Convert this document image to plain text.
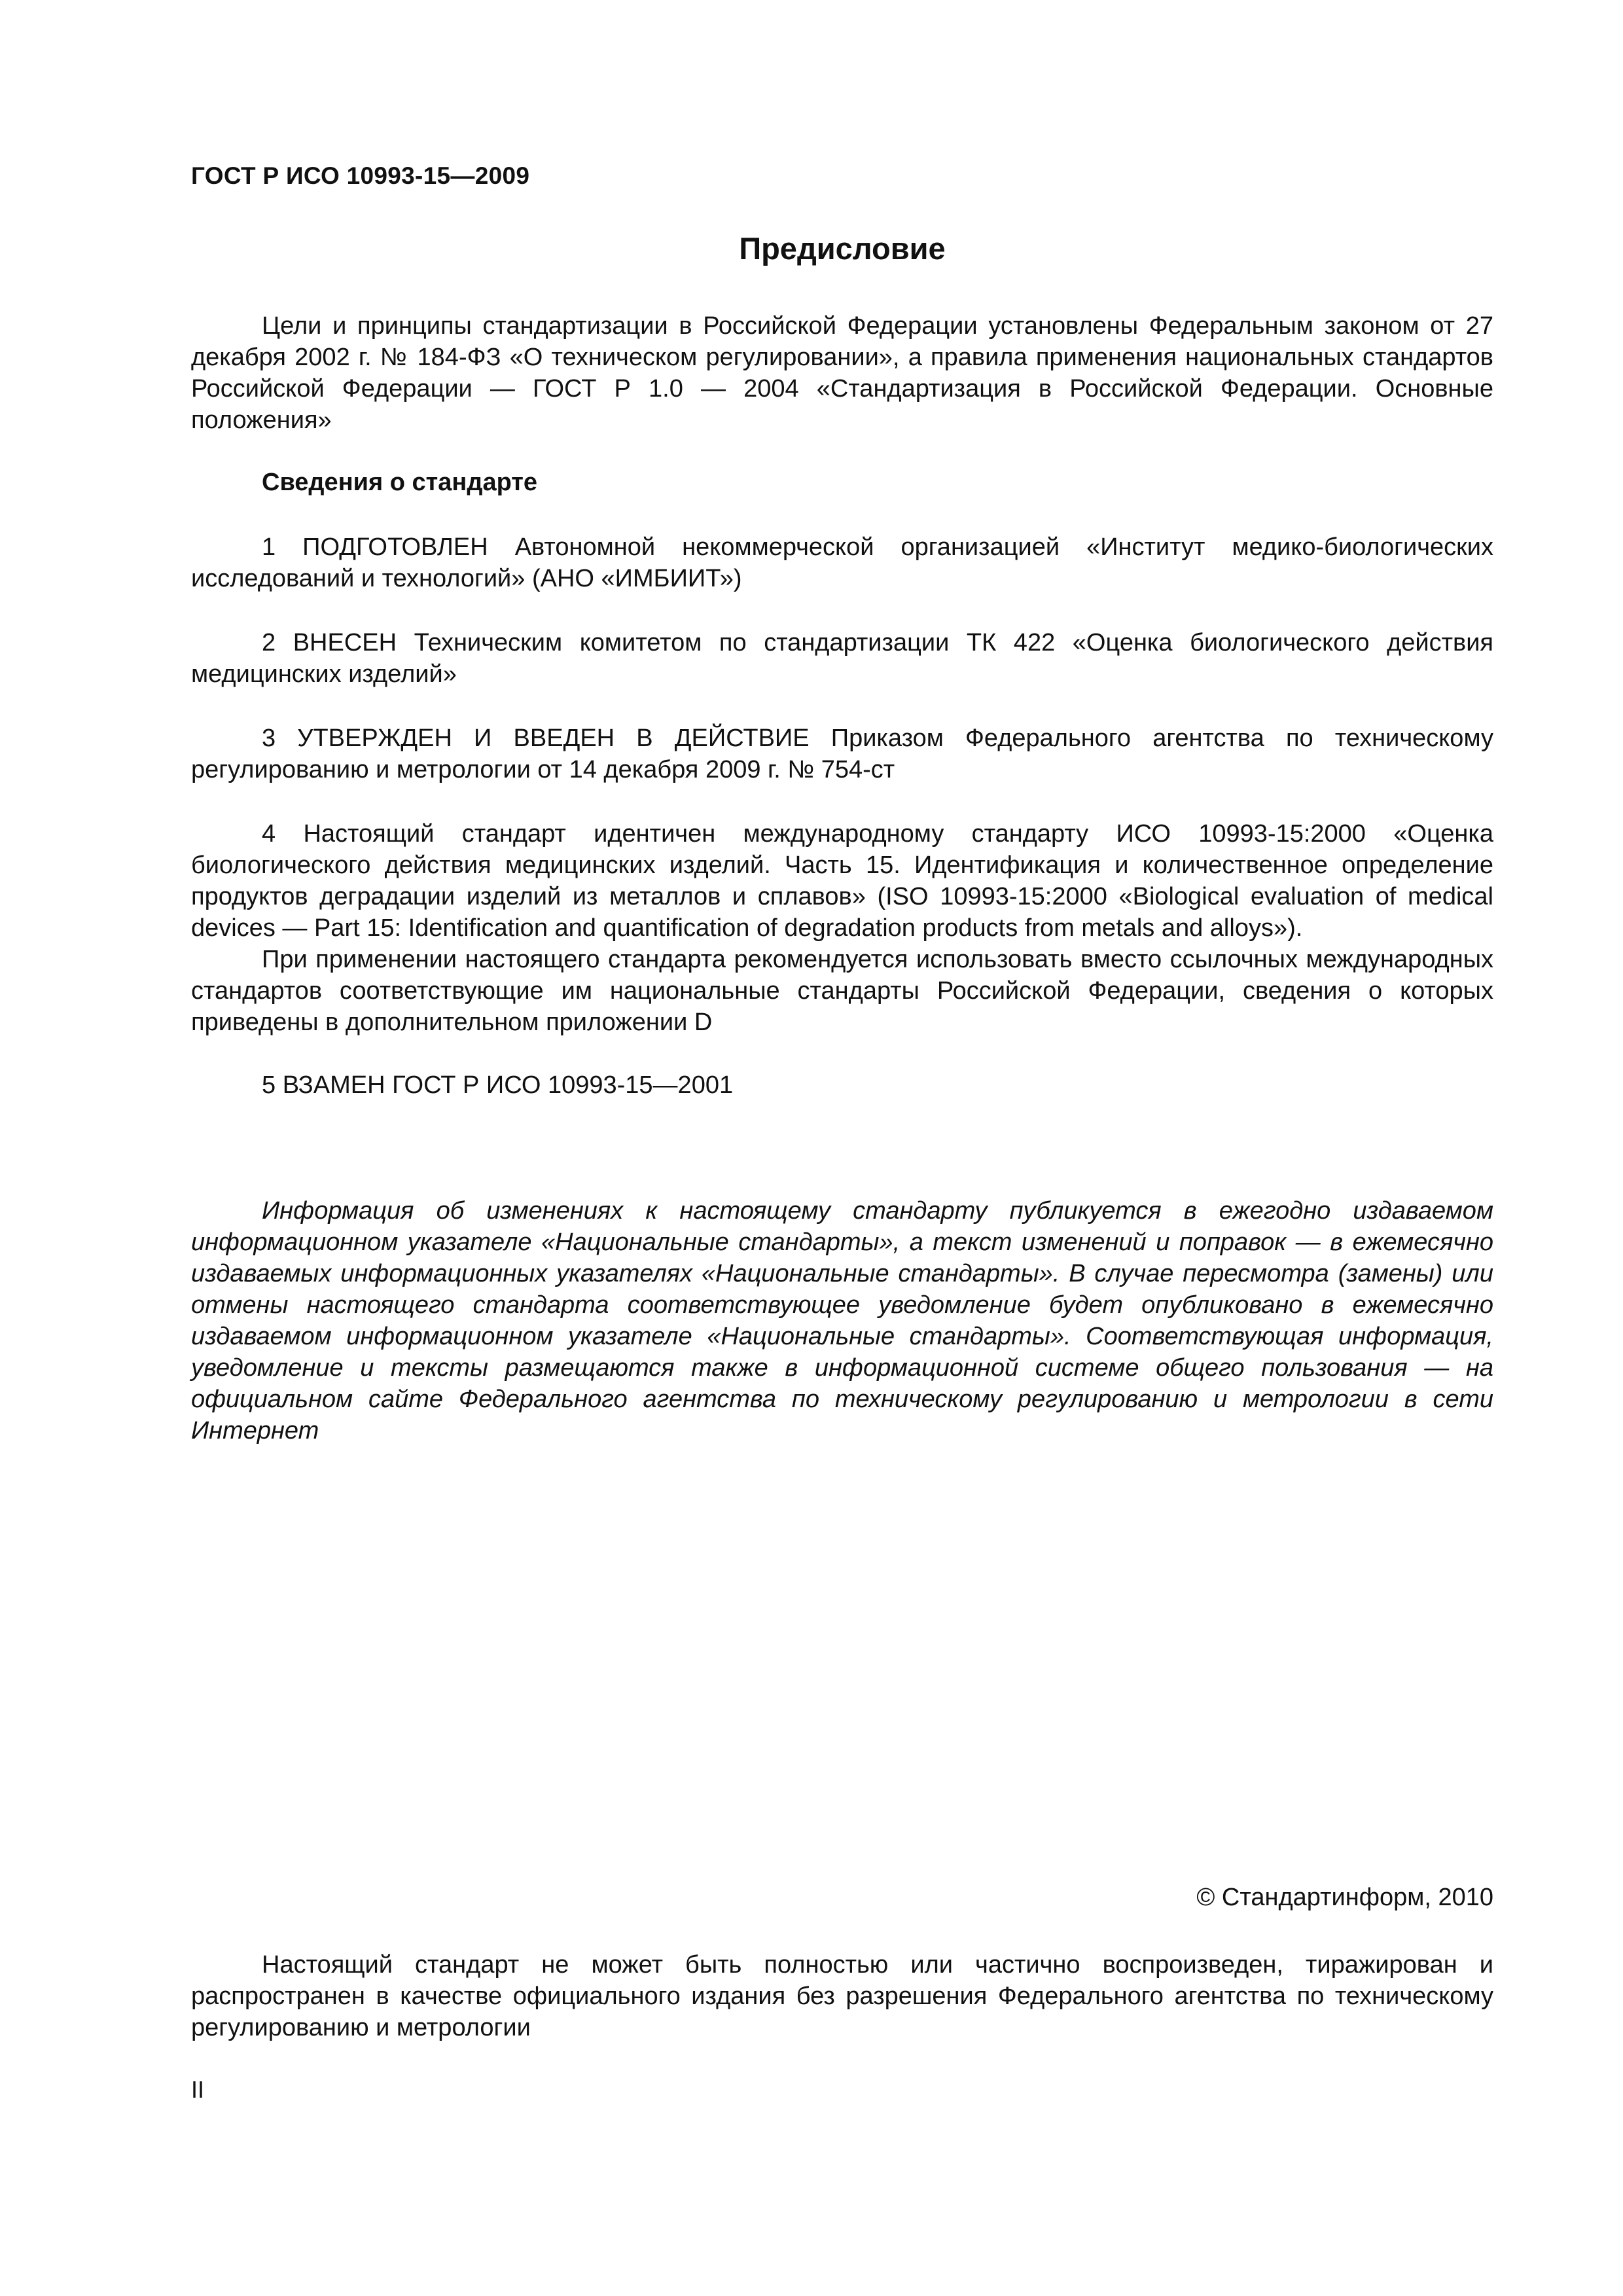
ГОСТ Р ИСО 10993-15—2009
Предисловие

Цели и принципы стандартизации в Российской Федерации установлены Федеральным законом от 27 декабря 2002 г. № 184-ФЗ «О техническом регулировании», а правила применения национальных стандартов Российской Федерации — ГОСТ Р 1.0 — 2004 «Стандартизация в Российской Федерации. Основные положения»

Сведения о стандарте

1 ПОДГОТОВЛЕН Автономной некоммерческой организацией «Институт медико-биологических исследований и технологий» (АНО «ИМБИИТ»)

2 ВНЕСЕН Техническим комитетом по стандартизации ТК 422 «Оценка биологического действия медицинских изделий»

3 УТВЕРЖДЕН И ВВЕДЕН В ДЕЙСТВИЕ Приказом Федерального агентства по техническому регулированию и метрологии от 14 декабря 2009 г. № 754-ст

4 Настоящий стандарт идентичен международному стандарту ИСО 10993-15:2000 «Оценка биологического действия медицинских изделий. Часть 15. Идентификация и количественное определение продуктов деградации изделий из металлов и сплавов» (ISO 10993-15:2000 «Biological evaluation of medical devices — Part 15: Identification and quantification of degradation products from metals and alloys»).

При применении настоящего стандарта рекомендуется использовать вместо ссылочных международных стандартов соответствующие им национальные стандарты Российской Федерации, сведения о которых приведены в дополнительном приложении D

5 ВЗАМЕН ГОСТ Р ИСО 10993-15—2001

Информация об изменениях к настоящему стандарту публикуется в ежегодно издаваемом информационном указателе «Национальные стандарты», а текст изменений и поправок — в ежемесячно издаваемых информационных указателях «Национальные стандарты». В случае пересмотра (замены) или отмены настоящего стандарта соответствующее уведомление будет опубликовано в ежемесячно издаваемом информационном указателе «Национальные стандарты». Соответствующая информация, уведомление и тексты размещаются также в информационной системе общего пользования — на официальном сайте Федерального агентства по техническому регулированию и метрологии в сети Интернет

© Стандартинформ, 2010

Настоящий стандарт не может быть полностью или частично воспроизведен, тиражирован и распространен в качестве официального издания без разрешения Федерального агентства по техническому регулированию и метрологии

II
